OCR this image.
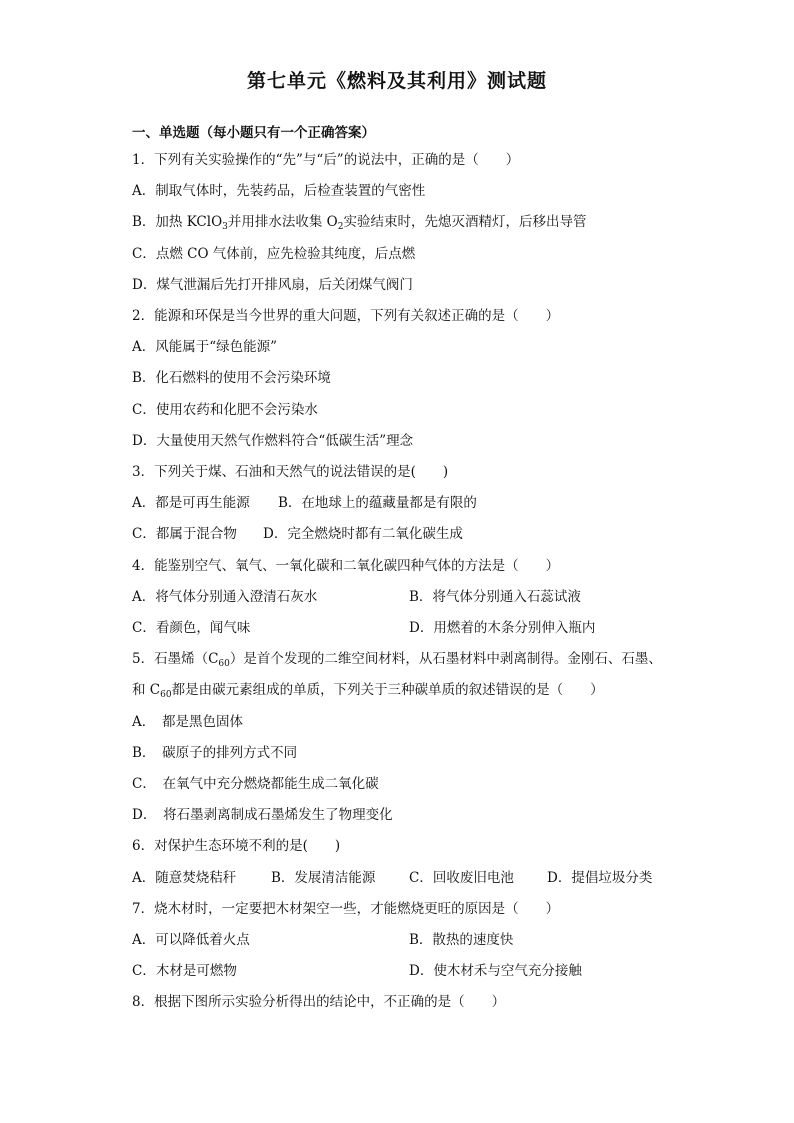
第七单元《燃料及其利用》测试题
一、单选题（每小题只有一个正确答案）
1．下列有关实验操作的“先”与“后”的说法中，正确的是（　　）
A．制取气体时，先装药品，后检查装置的气密性
B．加热 KClO$_3$并用排水法收集 $O_2$实验结束时，先熄灭酒精灯，后移出导管
C．点燃 CO 气体前，应先检验其纯度，后点燃
D．煤气泄漏后先打开排风扇，后关闭煤气阀门
2．能源和环保是当今世界的重大问题，下列有关叙述正确的是（　　）
A．风能属于“绿色能源”
B．化石燃料的使用不会污染环境
C．使用农药和化肥不会污染水
D．大量使用天然气作燃料符合“低碳生活”理念
3．下列关于煤、石油和天然气的说法错误的是(　　)
A．都是可再生能源 B．在地球上的蕴藏量都是有限的
C．都属于混合物 D．完全燃烧时都有二氧化碳生成
4．能鉴别空气、氧气、一氧化碳和二氧化碳四种气体的方法是（　　）
A．将气体分别通入澄清石灰水	B．将气体分别通入石蕊试液
C．看颜色，闻气味	D．用燃着的木条分别伸入瓶内
5．石墨烯$(C_{60})$是首个发现的二维空间材料，从石墨材料中剥离制得。金刚石、石墨、
和 $C_{60}$都是由碳元素组成的单质，下列关于三种碳单质的叙述错误的是（　　）
A．　都是黑色固体
B．　碳原子的排列方式不同
C．　在氧气中充分燃烧都能生成二氧化碳
D．　将石墨剥离制成石墨烯发生了物理变化
6．对保护生态环境不利的是(　　)
A．随意焚烧秸秆	B．发展清洁能源 C．回收废旧电池 D．提倡垃圾分类
7．烧木材时，一定要把木材架空一些，才能燃烧更旺的原因是（　　）
A．可以降低着火点	B．散热的速度快
C．木材是可燃物	D．使木材禾与空气充分接触
8．根据下图所示实验分析得出的结论中，不正确的是（　　）
